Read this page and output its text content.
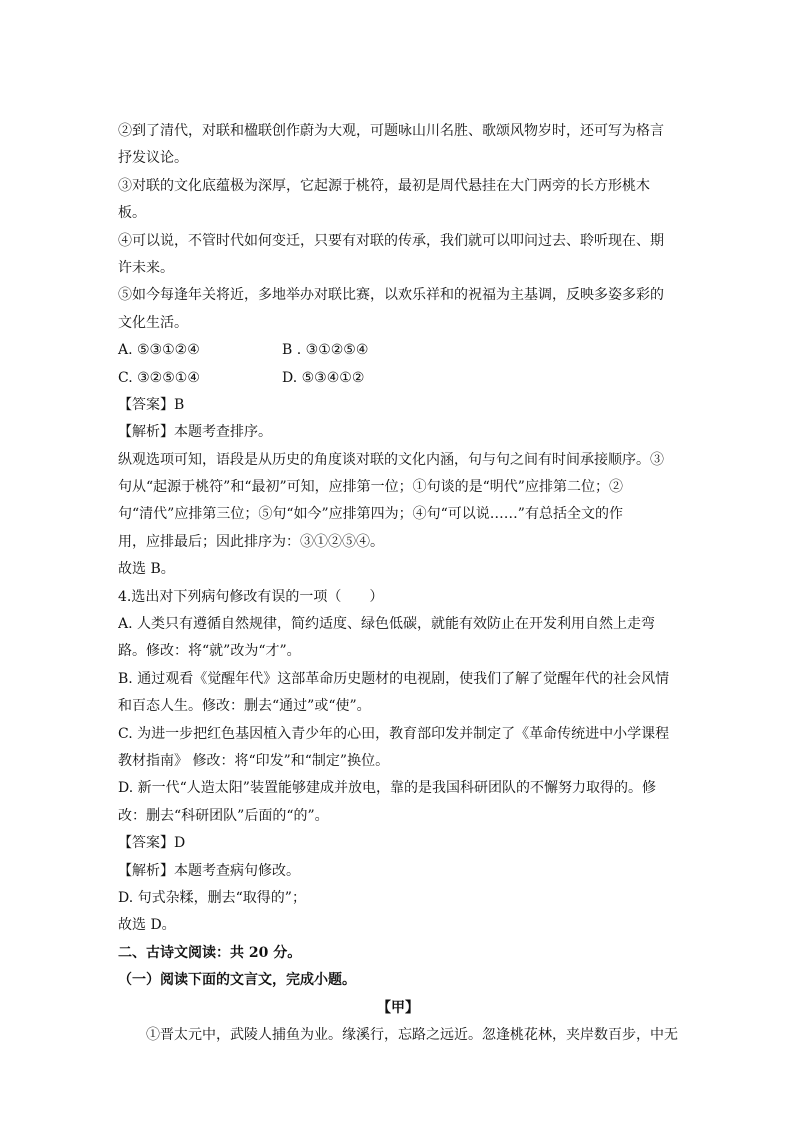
②到了清代，对联和楹联创作蔚为大观，可题咏山川名胜、歌颂风物岁时，还可写为格言
抒发议论。
③对联的文化底蕴极为深厚，它起源于桃符，最初是周代悬挂在大门两旁的长方形桃木
板。
④可以说，不管时代如何变迁，只要有对联的传承，我们就可以叩问过去、聆听现在、期
许未来。
⑤如今每逢年关将近，多地举办对联比赛，以欢乐祥和的祝福为主基调，反映多姿多彩的
文化生活。
A. ⑤③①②④	B . ③①②⑤④
C. ③②⑤①④	D. ⑤③④①②
【答案】B
【解析】本题考查排序。
纵观选项可知，语段是从历史的角度谈对联的文化内涵，句与句之间有时间承接顺序。③
句从“起源于桃符”和“最初”可知，应排第一位；①句谈的是“明代”应排第二位；②
句“清代”应排第三位；⑤句“如今”应排第四为；④句“可以说……”有总括全文的作
用，应排最后；因此排序为：③①②⑤④。
故选 B。
4.选出对下列病句修改有误的一项（　　）
A. 人类只有遵循自然规律，简约适度、绿色低碳，就能有效防止在开发利用自然上走弯
路。修改：将“就”改为“才”。
B. 通过观看《觉醒年代》这部革命历史题材的电视剧，使我们了解了觉醒年代的社会风情
和百态人生。修改：删去“通过”或“使”。
C. 为进一步把红色基因植入青少年的心田，教育部印发并制定了《革命传统进中小学课程
教材指南》 修改：将“印发”和“制定”换位。
D. 新一代“人造太阳”装置能够建成并放电，靠的是我国科研团队的不懈努力取得的。修
改：删去“科研团队”后面的“的”。
【答案】D
【解析】本题考查病句修改。
D. 句式杂糅，删去“取得的”；
故选 D。
二、古诗文阅读：共 20 分。
（一）阅读下面的文言文，完成小题。
【甲】
①晋太元中，武陵人捕鱼为业。缘溪行，忘路之远近。忽逢桃花林，夹岸数百步，中无
